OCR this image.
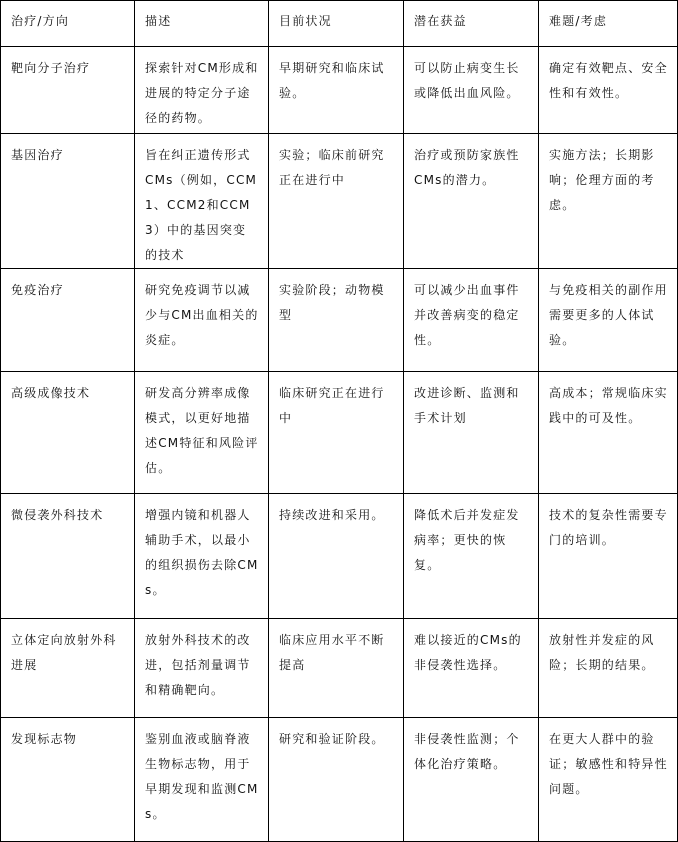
治疗/方向	描述	目前状况	潜在获益	难题/考虑
靶向分子治疗	探索针对CM形成和进展的特定分子途径的药物。	早期研究和临床试验。	可以防止病变生长或降低出血风险。	确定有效靶点、安全性和有效性。
基因治疗	旨在纠正遗传形式CMs（例如，CCM1、CCM2和CCM3）中的基因突变的技术	实验；临床前研究正在进行中	治疗或预防家族性CMs的潜力。	实施方法；长期影响；伦理方面的考虑。
免疫治疗	研究免疫调节以减少与CM出血相关的炎症。	实验阶段；动物模型	可以减少出血事件并改善病变的稳定性。	与免疫相关的副作用需要更多的人体试验。
高级成像技术	研发高分辨率成像模式，以更好地描述CM特征和风险评估。	临床研究正在进行中	改进诊断、监测和手术计划	高成本；常规临床实践中的可及性。
微侵袭外科技术	增强内镜和机器人辅助手术，以最小的组织损伤去除CMs。	持续改进和采用。	降低术后并发症发病率；更快的恢复。	技术的复杂性需要专门的培训。
立体定向放射外科进展	放射外科技术的改进，包括剂量调节和精确靶向。	临床应用水平不断提高	难以接近的CMs的非侵袭性选择。	放射性并发症的风险；长期的结果。
发现标志物	鉴别血液或脑脊液生物标志物，用于早期发现和监测CMs。	研究和验证阶段。	非侵袭性监测；个体化治疗策略。	在更大人群中的验证；敏感性和特异性问题。
